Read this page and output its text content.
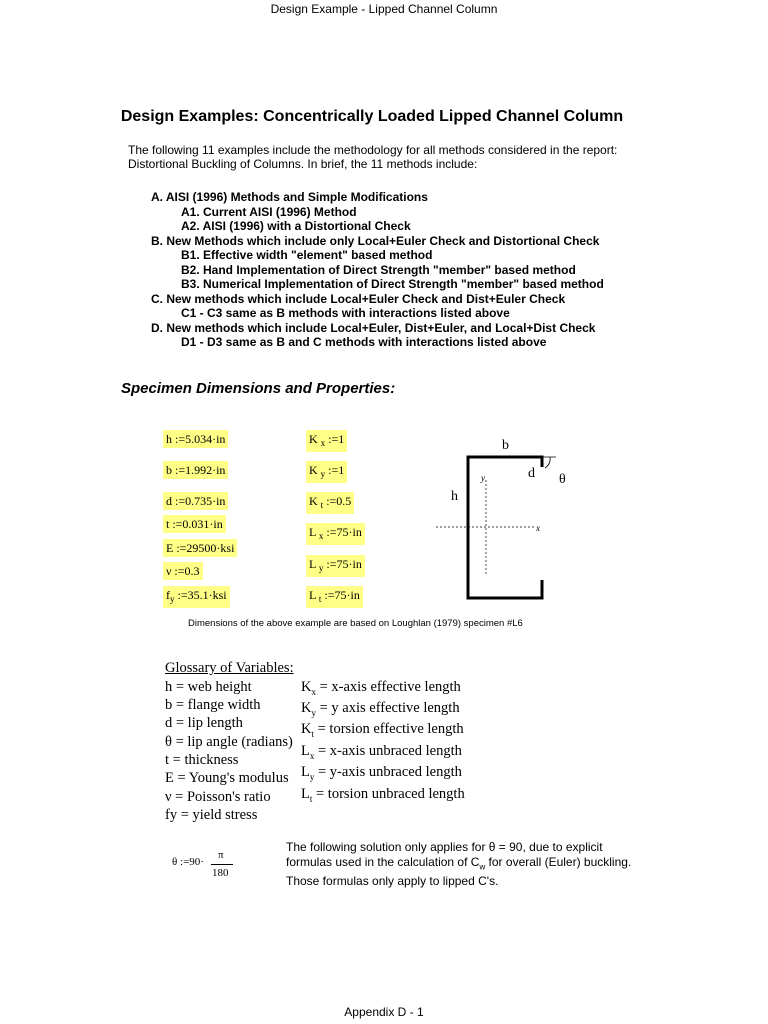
Design Example - Lipped Channel Column
Design Examples: Concentrically Loaded Lipped Channel Column
The following 11 examples include the methodology for all methods considered in the report:
Distortional Buckling of Columns. In brief, the 11 methods include:
A. AISI (1996) Methods and Simple Modifications
A1. Current AISI (1996) Method
A2. AISI (1996) with a Distortional Check
B. New Methods which include only Local+Euler Check and Distortional Check
B1. Effective width "element" based method
B2. Hand Implementation of Direct Strength "member" based method
B3. Numerical Implementation of Direct Strength "member" based method
C. New methods which include Local+Euler Check and Dist+Euler Check
C1 - C3 same as B methods with interactions listed above
D. New methods which include Local+Euler, Dist+Euler, and Local+Dist Check
D1 - D3 same as B and C methods with interactions listed above
Specimen Dimensions and Properties:
h :=5.034·in
b :=1.992·in
d :=0.735·in
t :=0.031·in
E :=29500·ksi
ν :=0.3
$f_y$ :=35.1·ksi
K $_x$ :=1
K $_y$ :=1
K $_t$ :=0.5
L $_x$ :=75·in
L $_y$ :=75·in
L $_t$ :=75·in
b
d θ
h
x
y
Dimensions of the above example are based on Loughlan (1979) specimen #L6
Glossary of Variables:
h = web height
b = flange width
d = lip length
θ = lip angle (radians)
t = thickness
E = Young's modulus
ν = Poisson's ratio
fy = yield stress
$K_x$ = x-axis effective length
$K_y = y$ axis effective length
$K_t$ = torsion effective length
$L_x$ = x-axis unbraced length
$L_y$ = y-axis unbraced length
$L_t$ = torsion unbraced length
θ :=90·
π
180
The following solution only applies for θ = 90, due to explicit
formulas used in the calculation of $C_w$ for overall (Euler) buckling.
Those formulas only apply to lipped C's.
Appendix D - 1
